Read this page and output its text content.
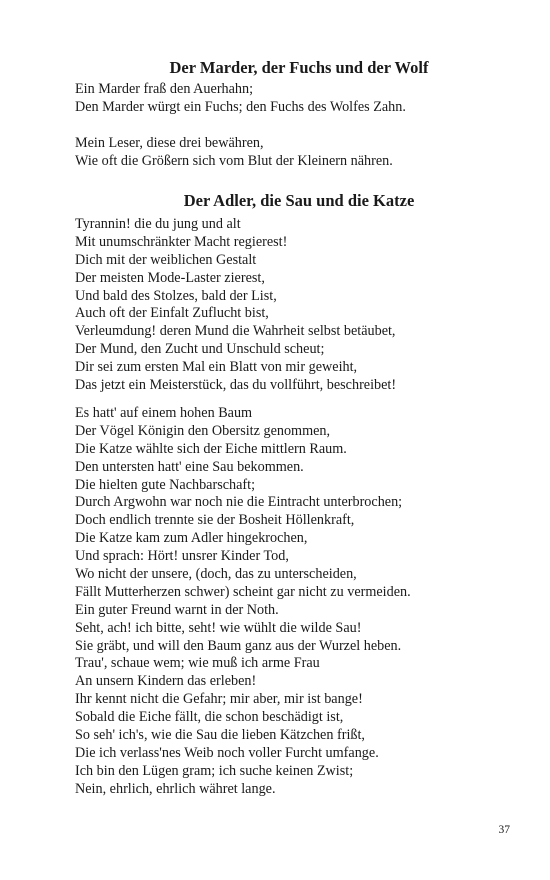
Der Marder, der Fuchs und der Wolf
Ein Marder fraß den Auerhahn;
Den Marder würgt ein Fuchs; den Fuchs des Wolfes Zahn.
Mein Leser, diese drei bewähren,
Wie oft die Größern sich vom Blut der Kleinern nähren.
Der Adler, die Sau und die Katze
Tyrannin! die du jung und alt
Mit unumschränkter Macht regierest!
Dich mit der weiblichen Gestalt
Der meisten Mode-Laster zierest,
Und bald des Stolzes, bald der List,
Auch oft der Einfalt Zuflucht bist,
Verleumdung! deren Mund die Wahrheit selbst betäubet,
Der Mund, den Zucht und Unschuld scheut;
Dir sei zum ersten Mal ein Blatt von mir geweiht,
Das jetzt ein Meisterstück, das du vollführt, beschreibet!
Es hatt' auf einem hohen Baum
Der Vögel Königin den Obersitz genommen,
Die Katze wählte sich der Eiche mittlern Raum.
Den untersten hatt' eine Sau bekommen.
Die hielten gute Nachbarschaft;
Durch Argwohn war noch nie die Eintracht unterbrochen;
Doch endlich trennte sie der Bosheit Höllenkraft,
Die Katze kam zum Adler hingekrochen,
Und sprach: Hört! unsrer Kinder Tod,
Wo nicht der unsere, (doch, das zu unterscheiden,
Fällt Mutterherzen schwer) scheint gar nicht zu vermeiden.
Ein guter Freund warnt in der Noth.
Seht, ach! ich bitte, seht! wie wühlt die wilde Sau!
Sie gräbt, und will den Baum ganz aus der Wurzel heben.
Trau', schaue wem; wie muß ich arme Frau
An unsern Kindern das erleben!
Ihr kennt nicht die Gefahr; mir aber, mir ist bange!
Sobald die Eiche fällt, die schon beschädigt ist,
So seh' ich's, wie die Sau die lieben Kätzchen frißt,
Die ich verlass'nes Weib noch voller Furcht umfange.
Ich bin den Lügen gram; ich suche keinen Zwist;
Nein, ehrlich, ehrlich währet lange.
37
